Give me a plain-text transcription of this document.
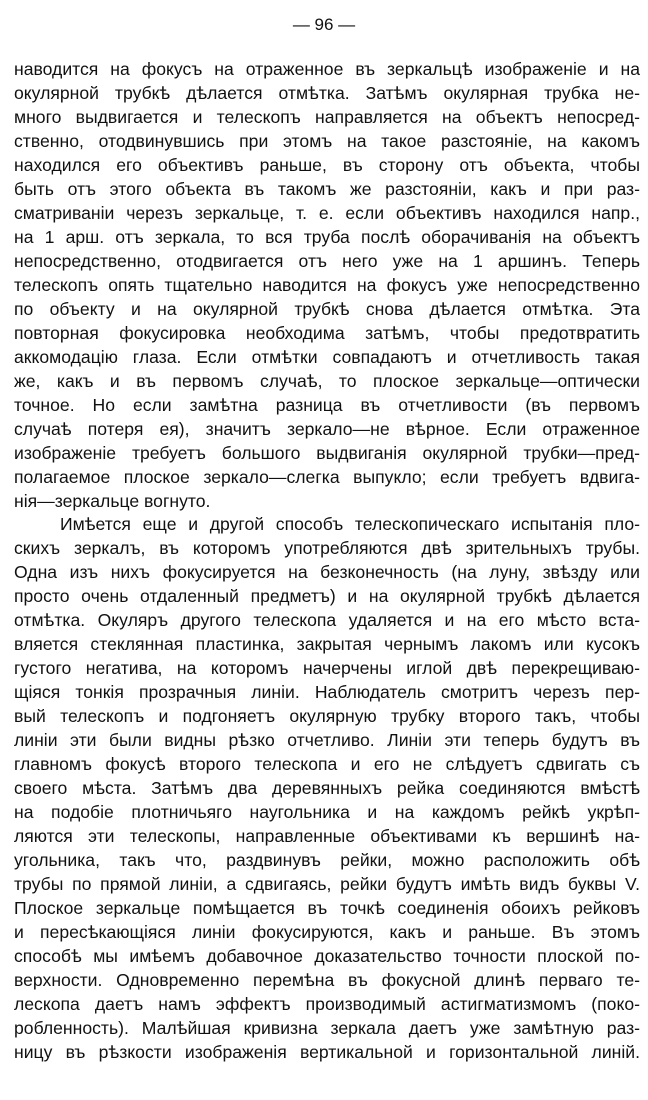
— 96 —
наводится на фокусъ на отраженное въ зеркальцѣ изображеніе и на
окулярной трубкѣ дѣлается отмѣтка. Затѣмъ окулярная трубка не-
много выдвигается и телескопъ направляется на объектъ непосред-
ственно, отодвинувшись при этомъ на такое разстояніе, на какомъ
находился его объективъ раньше, въ сторону отъ объекта, чтобы
быть отъ этого объекта въ такомъ же разстояніи, какъ и при раз-
сматриваніи черезъ зеркальце, т. е. если объективъ находился напр.,
на 1 арш. отъ зеркала, то вся труба послѣ оборачиванія на объектъ
непосредственно, отодвигается отъ него уже на 1 аршинъ. Теперь
телескопъ опять тщательно наводится на фокусъ уже непосредственно
по объекту и на окулярной трубкѣ снова дѣлается отмѣтка. Эта
повторная фокусировка необходима затѣмъ, чтобы предотвратить
аккомодацію глаза. Если отмѣтки совпадаютъ и отчетливость такая
же, какъ и въ первомъ случаѣ, то плоское зеркальце—оптически
точное. Но если замѣтна разница въ отчетливости (въ первомъ
случаѣ потеря ея), значитъ зеркало—не вѣрное. Если отраженное
изображеніе требуетъ большого выдвиганія окулярной трубки—пред-
полагаемое плоское зеркало—слегка выпукло; если требуетъ вдвига-
нія—зеркальце вогнуто.
Имѣется еще и другой способъ телескопическаго испытанія пло-
скихъ зеркалъ, въ которомъ употребляются двѣ зрительныхъ трубы.
Одна изъ нихъ фокусируется на безконечность (на луну, звѣзду или
просто очень отдаленный предметъ) и на окулярной трубкѣ дѣлается
отмѣтка. Окуляръ другого телескопа удаляется и на его мѣсто вста-
вляется стеклянная пластинка, закрытая чернымъ лакомъ или кусокъ
густого негатива, на которомъ начерчены иглой двѣ перекрещиваю-
щіяся тонкія прозрачныя линіи. Наблюдатель смотритъ черезъ пер-
вый телескопъ и подгоняетъ окулярную трубку второго такъ, чтобы
линіи эти были видны рѣзко отчетливо. Линіи эти теперь будутъ въ
главномъ фокусѣ второго телескопа и его не слѣдуетъ сдвигать съ
своего мѣста. Затѣмъ два деревянныхъ рейка соединяются вмѣстѣ
на подобіе плотничьяго наугольника и на каждомъ рейкѣ укрѣп-
ляются эти телескопы, направленные объективами къ вершинѣ на-
угольника, такъ что, раздвинувъ рейки, можно расположить обѣ
трубы по прямой линіи, а сдвигаясь, рейки будутъ имѣть видъ буквы V.
Плоское зеркальце помѣщается въ точкѣ соединенія обоихъ рейковъ
и пересѣкающіяся линіи фокусируются, какъ и раньше. Въ этомъ
способѣ мы имѣемъ добавочное доказательство точности плоской по-
верхности. Одновременно перемѣна въ фокусной длинѣ перваго те-
лескопа даетъ намъ эффектъ производимый астигматизмомъ (поко-
робленность). Малѣйшая кривизна зеркала даетъ уже замѣтную раз-
ницу въ рѣзкости изображенія вертикальной и горизонтальной линій.
